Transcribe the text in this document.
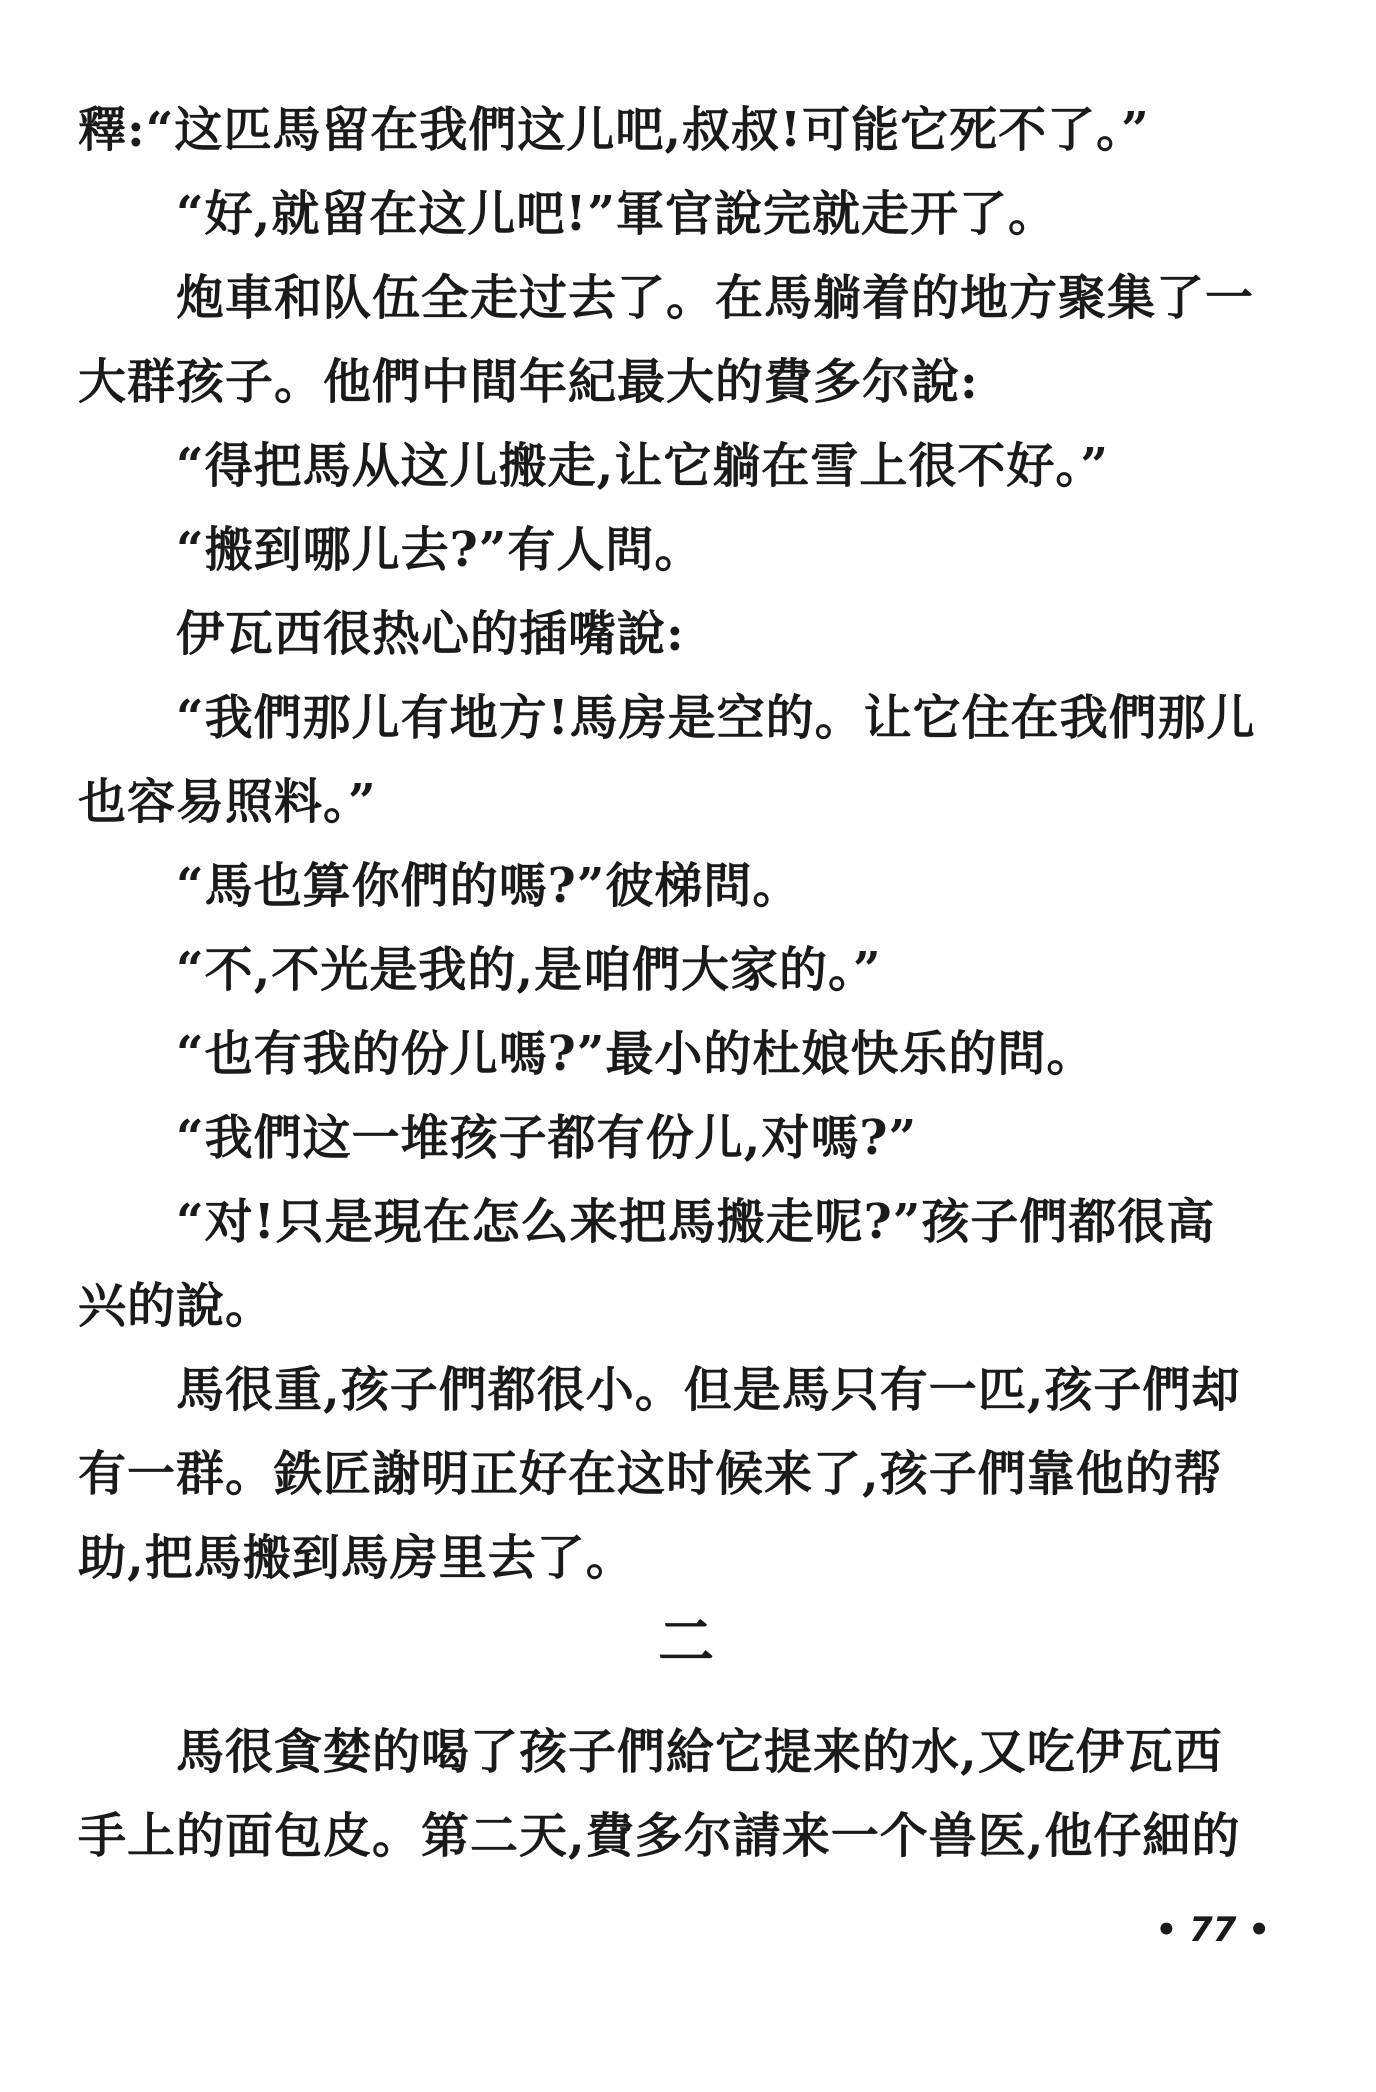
釋:“这匹馬留在我們这儿吧,叔叔!可能它死不了。”
“好,就留在这儿吧!”軍官說完就走开了。
炮車和队伍全走过去了。在馬躺着的地方聚集了一
大群孩子。他們中間年紀最大的費多尔說:
“得把馬从这儿搬走,让它躺在雪上很不好。”
“搬到哪儿去?”有人問。
伊瓦西很热心的插嘴說:
“我們那儿有地方!馬房是空的。让它住在我們那儿
也容易照料。”
“馬也算你們的嗎?”彼梯問。
“不,不光是我的,是咱們大家的。”
“也有我的份儿嗎?”最小的杜娘快乐的問。
“我們这一堆孩子都有份儿,对嗎?”
“对!只是現在怎么来把馬搬走呢?”孩子們都很高
兴的說。
馬很重,孩子們都很小。但是馬只有一匹,孩子們却
有一群。鉄匠謝明正好在这时候来了,孩子們靠他的帮
助,把馬搬到馬房里去了。
二
馬很貪婪的喝了孩子們給它提来的水,又吃伊瓦西
手上的面包皮。第二天,費多尔請来一个兽医,他仔細的
• 77 •
